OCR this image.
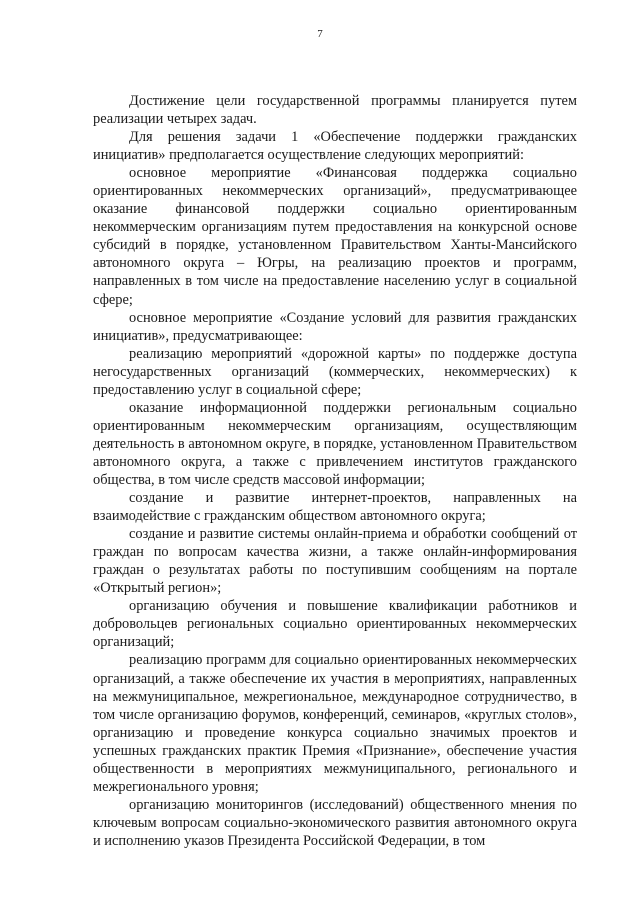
7

Достижение цели государственной программы планируется путем реализации четырех задач.

Для решения задачи 1 «Обеспечение поддержки гражданских инициатив» предполагается осуществление следующих мероприятий:

основное мероприятие «Финансовая поддержка социально ориентированных некоммерческих организаций», предусматривающее оказание финансовой поддержки социально ориентированным некоммерческим организациям путем предоставления на конкурсной основе субсидий в порядке, установленном Правительством Ханты-Мансийского автономного округа – Югры, на реализацию проектов и программ, направленных в том числе на предоставление населению услуг в социальной сфере;

основное мероприятие «Создание условий для развития гражданских инициатив», предусматривающее:

реализацию мероприятий «дорожной карты» по поддержке доступа негосударственных организаций (коммерческих, некоммерческих) к предоставлению услуг в социальной сфере;

оказание информационной поддержки региональным социально ориентированным некоммерческим организациям, осуществляющим деятельность в автономном округе, в порядке, установленном Правительством автономного округа, а также с привлечением институтов гражданского общества, в том числе средств массовой информации;

создание и развитие интернет-проектов, направленных на взаимодействие с гражданским обществом автономного округа;

создание и развитие системы онлайн-приема и обработки сообщений от граждан по вопросам качества жизни, а также онлайн-информирования граждан о результатах работы по поступившим сообщениям на портале «Открытый регион»;

организацию обучения и повышение квалификации работников и добровольцев региональных социально ориентированных некоммерческих организаций;

реализацию программ для социально ориентированных некоммерческих организаций, а также обеспечение их участия в мероприятиях, направленных на межмуниципальное, межрегиональное, международное сотрудничество, в том числе организацию форумов, конференций, семинаров, «круглых столов», организацию и проведение конкурса социально значимых проектов и успешных гражданских практик Премия «Признание», обеспечение участия общественности в мероприятиях межмуниципального, регионального и межрегионального уровня;

организацию мониторингов (исследований) общественного мнения по ключевым вопросам социально-экономического развития автономного округа и исполнению указов Президента Российской Федерации, в том
